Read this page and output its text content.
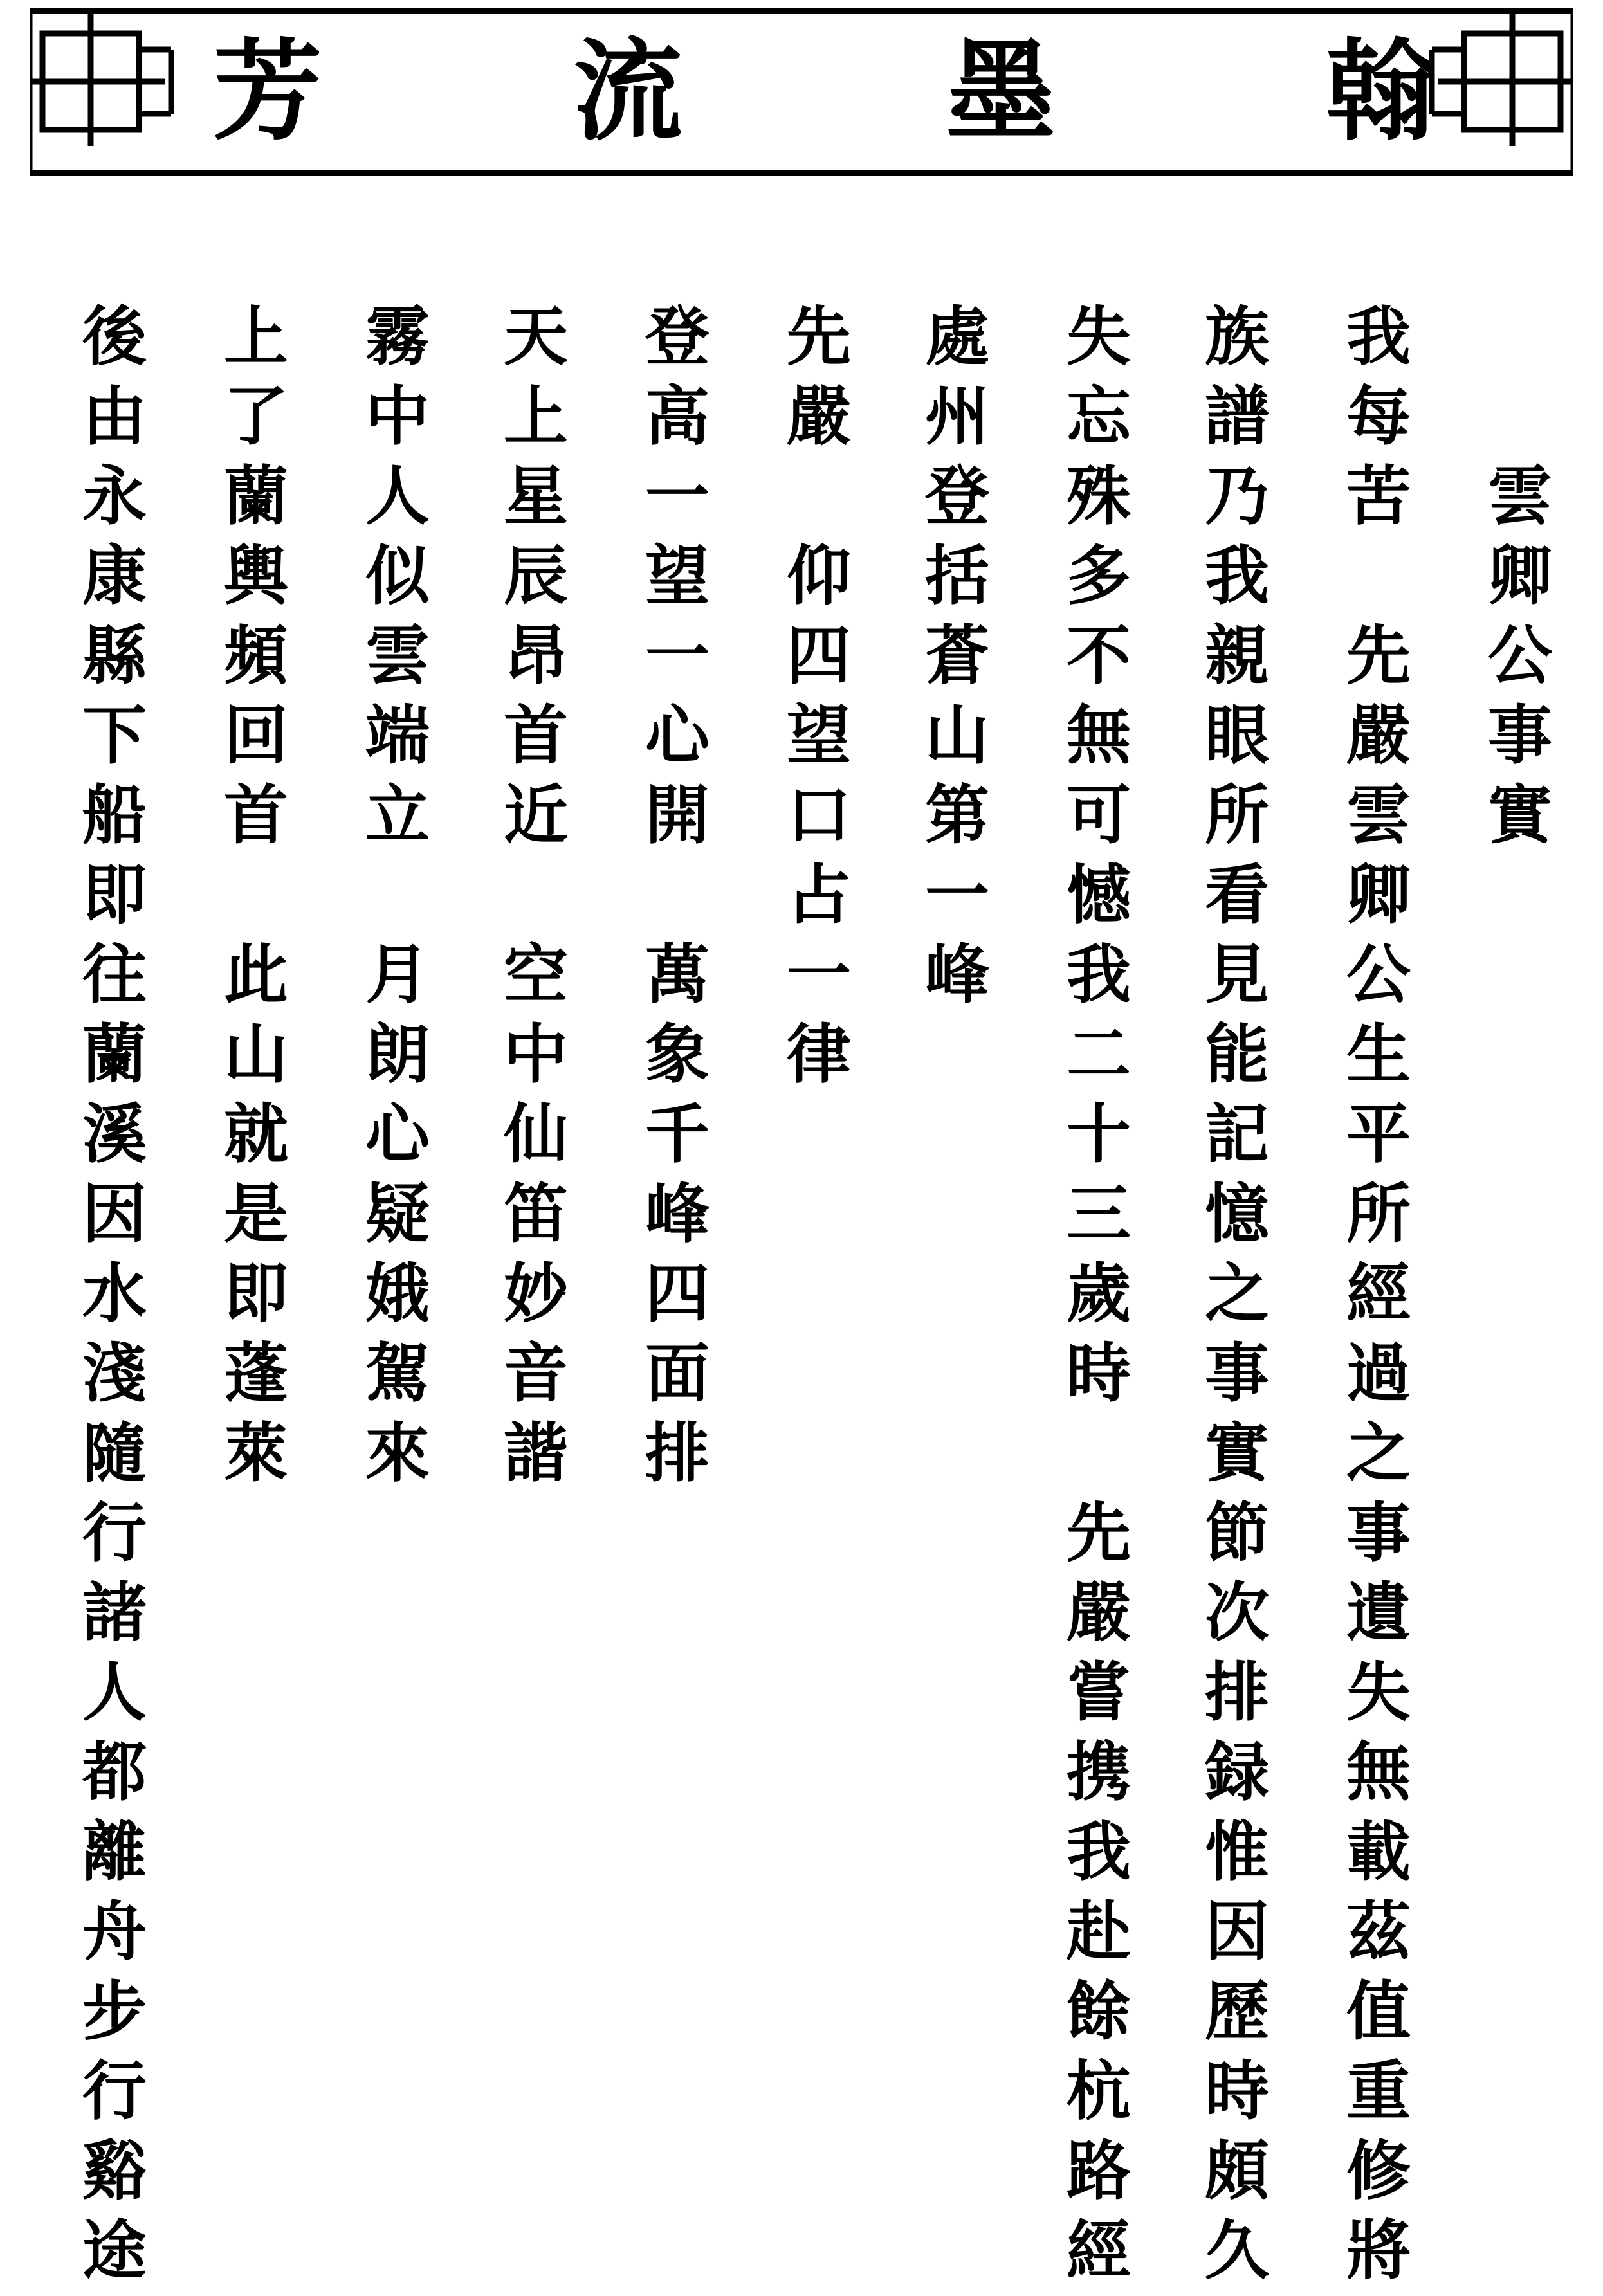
翰
墨
流
芳
　　雲卿公事實
我每苦　先嚴雲卿公生平所經過之事遺失無載茲值重修將
族譜乃我親眼所看見能記憶之事實節次排録惟因歷時頗久
失忘殊多不無可憾我二十三歲時　先嚴嘗携我赴餘杭路經
處州登括蒼山第一峰
先嚴　仰四望口占一律
登高一望一心開　萬象千峰四面排
天上星辰昂首近　空中仙笛妙音諧
霧中人似雲端立　月朗心疑娥駕來
上了蘭輿頻回首　此山就是即蓬萊
後由永康縣下船即往蘭溪因水淺隨行諸人都離舟步行谿途
